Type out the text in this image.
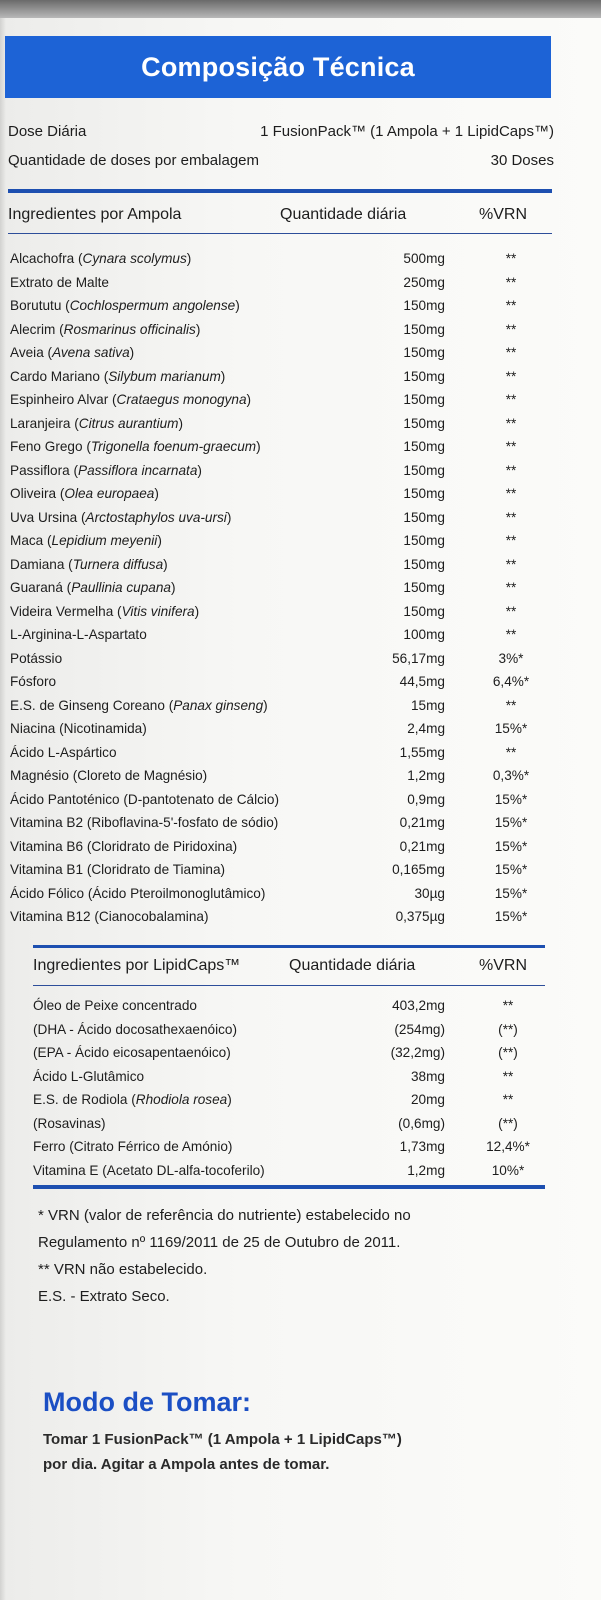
Composição Técnica
Dose Diária	1 FusionPack™ (1 Ampola + 1 LipidCaps™)
Quantidade de doses por embalagem	30 Doses
Ingredientes por Ampola	Quantidade diária	%VRN
Alcachofra (Cynara scolymus)	500mg	**
Extrato de Malte	250mg	**
Borututu (Cochlospermum angolense)	150mg	**
Alecrim (Rosmarinus officinalis)	150mg	**
Aveia (Avena sativa)	150mg	**
Cardo Mariano (Silybum marianum)	150mg	**
Espinheiro Alvar (Crataegus monogyna)	150mg	**
Laranjeira (Citrus aurantium)	150mg	**
Feno Grego (Trigonella foenum-graecum)	150mg	**
Passiflora (Passiflora incarnata)	150mg	**
Oliveira (Olea europaea)	150mg	**
Uva Ursina (Arctostaphylos uva-ursi)	150mg	**
Maca (Lepidium meyenii)	150mg	**
Damiana (Turnera diffusa)	150mg	**
Guaraná (Paullinia cupana)	150mg	**
Videira Vermelha (Vitis vinifera)	150mg	**
L-Arginina-L-Aspartato	100mg	**
Potássio	56,17mg	3%*
Fósforo	44,5mg	6,4%*
E.S. de Ginseng Coreano (Panax ginseng)	15mg	**
Niacina (Nicotinamida)	2,4mg	15%*
Ácido L-Aspártico	1,55mg	**
Magnésio (Cloreto de Magnésio)	1,2mg	0,3%*
Ácido Pantoténico (D-pantotenato de Cálcio)	0,9mg	15%*
Vitamina B2 (Riboflavina-5'-fosfato de sódio)	0,21mg	15%*
Vitamina B6 (Cloridrato de Piridoxina)	0,21mg	15%*
Vitamina B1 (Cloridrato de Tiamina)	0,165mg	15%*
Ácido Fólico (Ácido Pteroilmonoglutâmico)	30µg	15%*
Vitamina B12 (Cianocobalamina)	0,375µg	15%*
Ingredientes por LipidCaps™	Quantidade diária	%VRN
Óleo de Peixe concentrado	403,2mg	**
(DHA - Ácido docosathexaenóico)	(254mg)	(**)
(EPA - Ácido eicosapentaenóico)	(32,2mg)	(**)
Ácido L-Glutâmico	38mg	**
E.S. de Rodiola (Rhodiola rosea)	20mg	**
(Rosavinas)	(0,6mg)	(**)
Ferro (Citrato Férrico de Amónio)	1,73mg	12,4%*
Vitamina E (Acetato DL-alfa-tocoferilo)	1,2mg	10%*
* VRN (valor de referência do nutriente) estabelecido no
Regulamento nº 1169/2011 de 25 de Outubro de 2011.
** VRN não estabelecido.
E.S. - Extrato Seco.
Modo de Tomar:
Tomar 1 FusionPack™ (1 Ampola + 1 LipidCaps™)
por dia. Agitar a Ampola antes de tomar.
